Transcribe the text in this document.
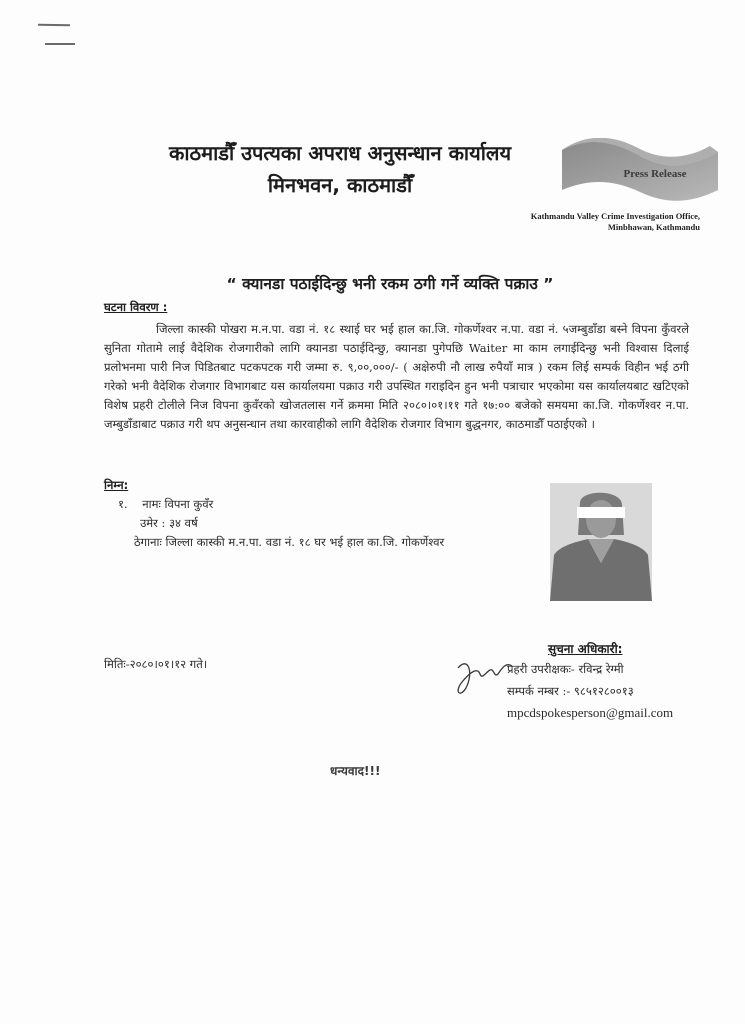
काठमाडौँ उपत्यका अपराध अनुसन्धान कार्यालय
मिनभवन, काठमाडौँ	Press Release
Kathmandu Valley Crime Investigation Office,
Minbhawan, Kathmandu
“ क्यानडा पठाईदिन्छु भनी रकम ठगी गर्ने व्यक्ति पक्राउ ”
घटना विवरण :
जिल्ला कास्की पोखरा म.न.पा. वडा नं. १८ स्थाई घर भई हाल का.जि. गोकर्णेश्वर न.पा. वडा नं. ५जम्बुडाँडा बस्ने विपना कुँवरले सुनिता गोतामे लाई वैदेशिक रोजगारीको लागि क्यानडा पठाईदिन्छु, क्यानडा पुगेपछि Waiter मा काम लगाईदिन्छु भनी विश्वास दिलाई प्रलोभनमा पारी निज पिडितबाट पटकपटक गरी जम्मा रु. ९,००,०००/- ( अक्षेरुपी नौ लाख रुपैयाँ मात्र ) रकम लिई सम्पर्क विहीन भई ठगी गरेको भनी वैदेशिक रोजगार विभागबाट यस कार्यालयमा पक्राउ गरी उपस्थित गराइदिन हुन भनी पत्राचार भएकोमा यस कार्यालयबाट खटिएको विशेष प्रहरी टोलीले निज विपना कुवँरको खोजतलास गर्ने क्रममा मिति २०८०।०१।११ गते १७:०० बजेको समयमा का.जि. गोकर्णेश्वर न.पा. जम्बुडाँडाबाट पक्राउ गरी थप अनुसन्धान तथा कारवाहीको लागि वैदेशिक रोजगार विभाग बुद्धनगर, काठमाडौँ पठाईएको ।
निम्न:
१. नामः विपना कुवँर
उमेर : ३४ वर्ष
ठेगानाः जिल्ला कास्की म.न.पा. वडा नं. १८ घर भई हाल का.जि. गोकर्णेश्वर
सुचना अधिकारी:
प्रहरी उपरीक्षकः- रविन्द्र रेग्मी
सम्पर्क नम्बर :- ९८५१२८००१३
mpcdspokesperson@gmail.com
मितिः-२०८०।०१।१२ गते।
धन्यवाद!!!
